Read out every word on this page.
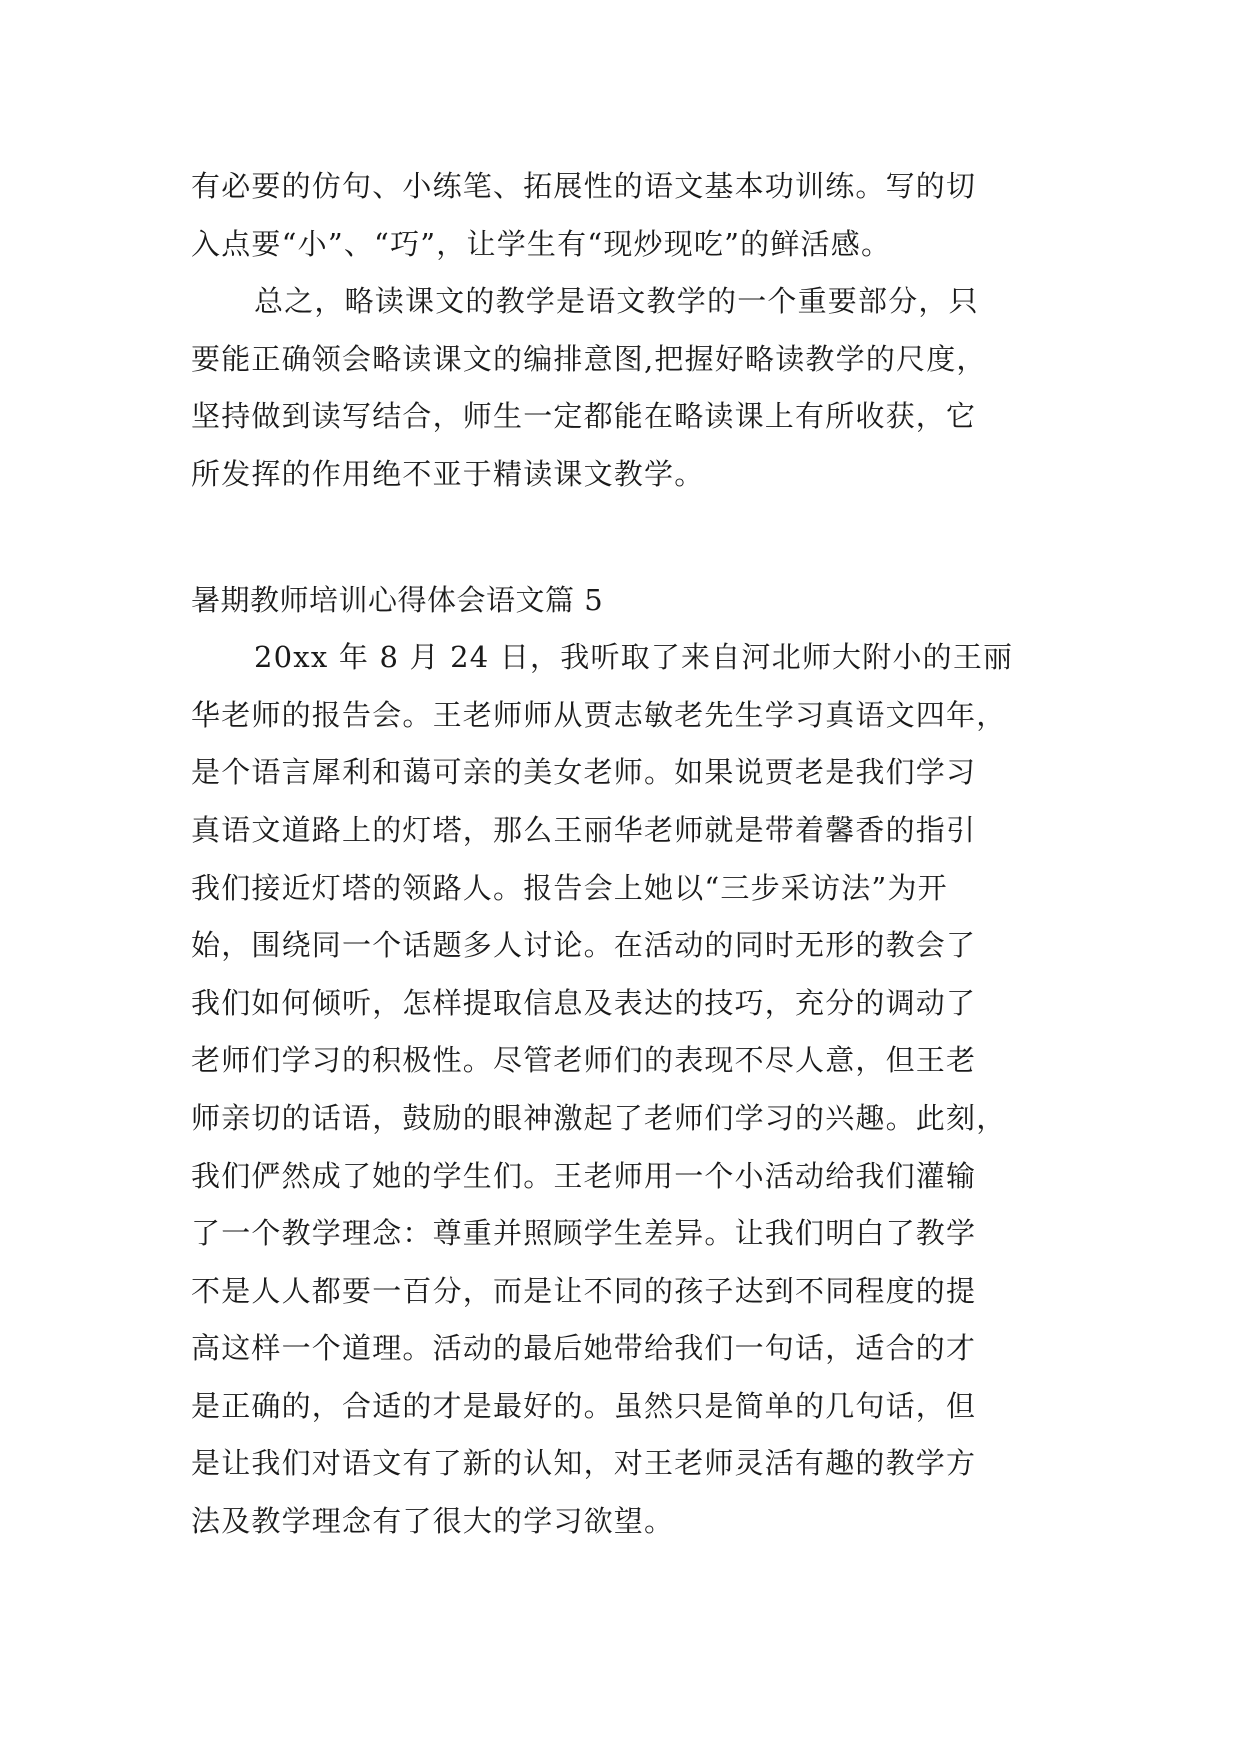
有必要的仿句、小练笔、拓展性的语文基本功训练。写的切
入点要“小”、“巧”，让学生有“现炒现吃”的鲜活感。
总之，略读课文的教学是语文教学的一个重要部分，只
要能正确领会略读课文的编排意图,把握好略读教学的尺度，
坚持做到读写结合，师生一定都能在略读课上有所收获，它
所发挥的作用绝不亚于精读课文教学。
暑期教师培训心得体会语文篇 5
20xx 年 8 月 24 日，我听取了来自河北师大附小的王丽
华老师的报告会。王老师师从贾志敏老先生学习真语文四年，
是个语言犀利和蔼可亲的美女老师。如果说贾老是我们学习
真语文道路上的灯塔，那么王丽华老师就是带着馨香的指引
我们接近灯塔的领路人。报告会上她以“三步采访法”为开
始，围绕同一个话题多人讨论。在活动的同时无形的教会了
我们如何倾听，怎样提取信息及表达的技巧，充分的调动了
老师们学习的积极性。尽管老师们的表现不尽人意，但王老
师亲切的话语，鼓励的眼神激起了老师们学习的兴趣。此刻，
我们俨然成了她的学生们。王老师用一个小活动给我们灌输
了一个教学理念：尊重并照顾学生差异。让我们明白了教学
不是人人都要一百分，而是让不同的孩子达到不同程度的提
高这样一个道理。活动的最后她带给我们一句话，适合的才
是正确的，合适的才是最好的。虽然只是简单的几句话，但
是让我们对语文有了新的认知，对王老师灵活有趣的教学方
法及教学理念有了很大的学习欲望。
